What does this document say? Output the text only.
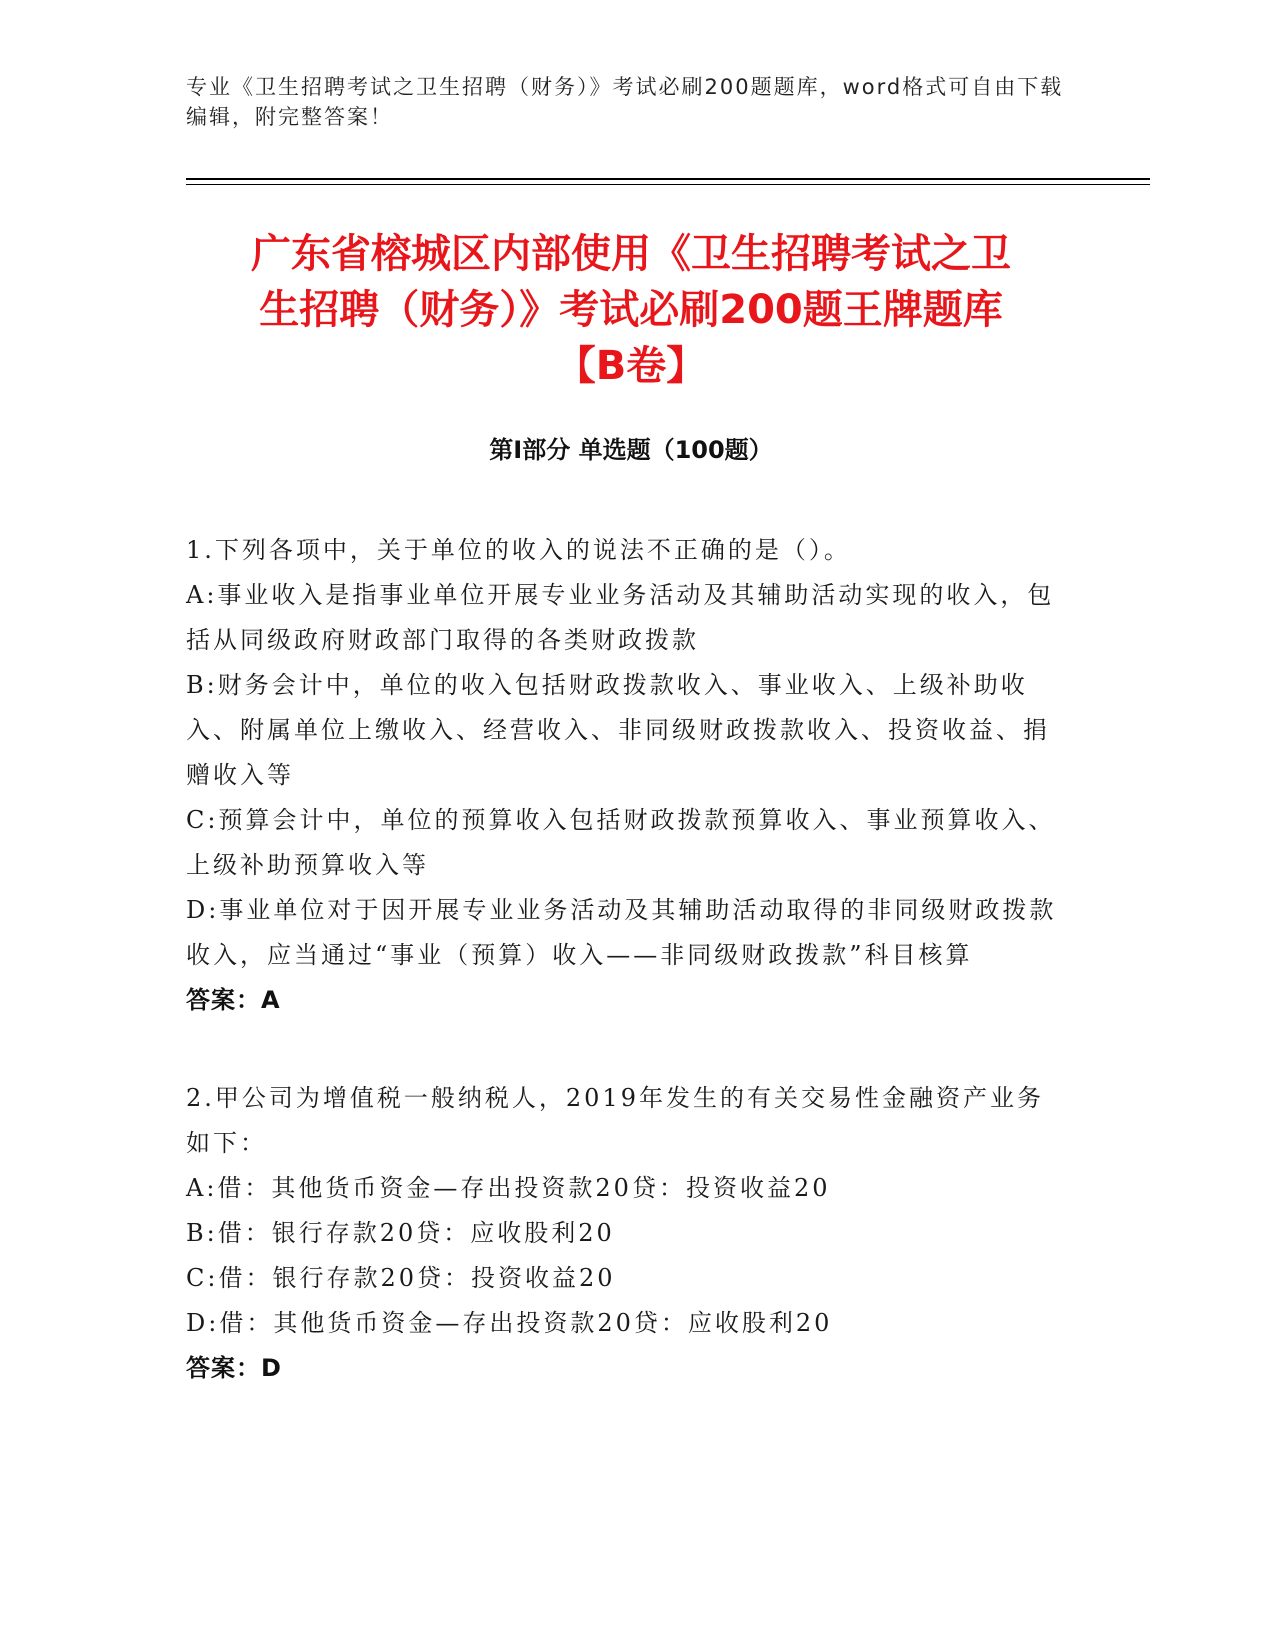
专业《卫生招聘考试之卫生招聘（财务）》考试必刷200题题库，word格式可自由下载编辑，附完整答案！
广东省榕城区内部使用《卫生招聘考试之卫
生招聘（财务）》考试必刷200题王牌题库
【B卷】
第I部分 单选题（100题）

1.下列各项中，关于单位的收入的说法不正确的是（）。

A:事业收入是指事业单位开展专业业务活动及其辅助活动实现的收入，包括从同级政府财政部门取得的各类财政拨款

B:财务会计中，单位的收入包括财政拨款收入、事业收入、上级补助收入、附属单位上缴收入、经营收入、非同级财政拨款收入、投资收益、捐赠收入等

C:预算会计中，单位的预算收入包括财政拨款预算收入、事业预算收入、上级补助预算收入等

D:事业单位对于因开展专业业务活动及其辅助活动取得的非同级财政拨款收入，应当通过“事业（预算）收入——非同级财政拨款”科目核算

答案：A

2.甲公司为增值税一般纳税人，2019年发生的有关交易性金融资产业务如下：

A:借：其他货币资金—存出投资款20贷：投资收益20

B:借：银行存款20贷：应收股利20

C:借：银行存款20贷：投资收益20

D:借：其他货币资金—存出投资款20贷：应收股利20

答案：D
